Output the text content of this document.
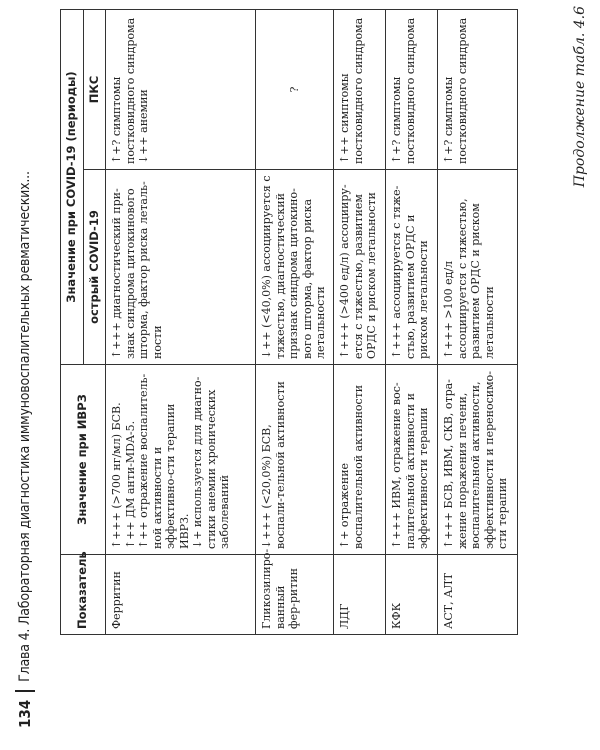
134
Глава 4. Лабораторная диагностика иммуновоспалительных ревматических...	Показатель	Значение при ИВРЗ	Значение при COVID-19 (периоды)	
		острый COVID-19	ПКС
Ферритин	↑+++ (>700 нг/мл) БСВ. ↑++ ДМ анти-MDA-5. ↑++ отражение воспалитель-ной активности и эффективно-сти терапии ИВРЗ. ↓+ используется для диагно-стики анемии хронических заболеваний	↑+++ диагностический при-знак синдрома цитокинового шторма, фактор риска леталь-ности	↑+? симптомы постковидного синдрома ↓++ анемии

Гликозилиро-ванный фер-ритин	↓+++ (<20,0%) БСВ, воспали-тельной активности	↓++ (<40,0%) ассоциируется с тяжестью, диагностический признак синдрома цитокино-вого шторма, фактор риска летальности	?

ЛДГ	↑+ отражение воспалительной активности	↑+++ (>400 ед/л) ассоцииру-ется с тяжестью, развитием ОРДС и риском летальности	↑++ симптомы постковидного синдрома

КФК	↑+++ ИВМ, отражение вос-палительной активности и эффективности терапии	↑+++ ассоциируется с тяже-стью, развитием ОРДС и риском летальности	↑+? симптомы постковидного синдрома

АСТ, АЛТ	↑+++ БСВ, ИВМ, СКВ, отра-жение поражения печени, воспалительной активности, эффективности и переносимо-сти терапии	↑+++ >100 ед/л ассоциируется с тяжестью, развитием ОРДС и риском летальности	↑+? симптомы постковидного синдрома	Продолжение табл. 4.6
